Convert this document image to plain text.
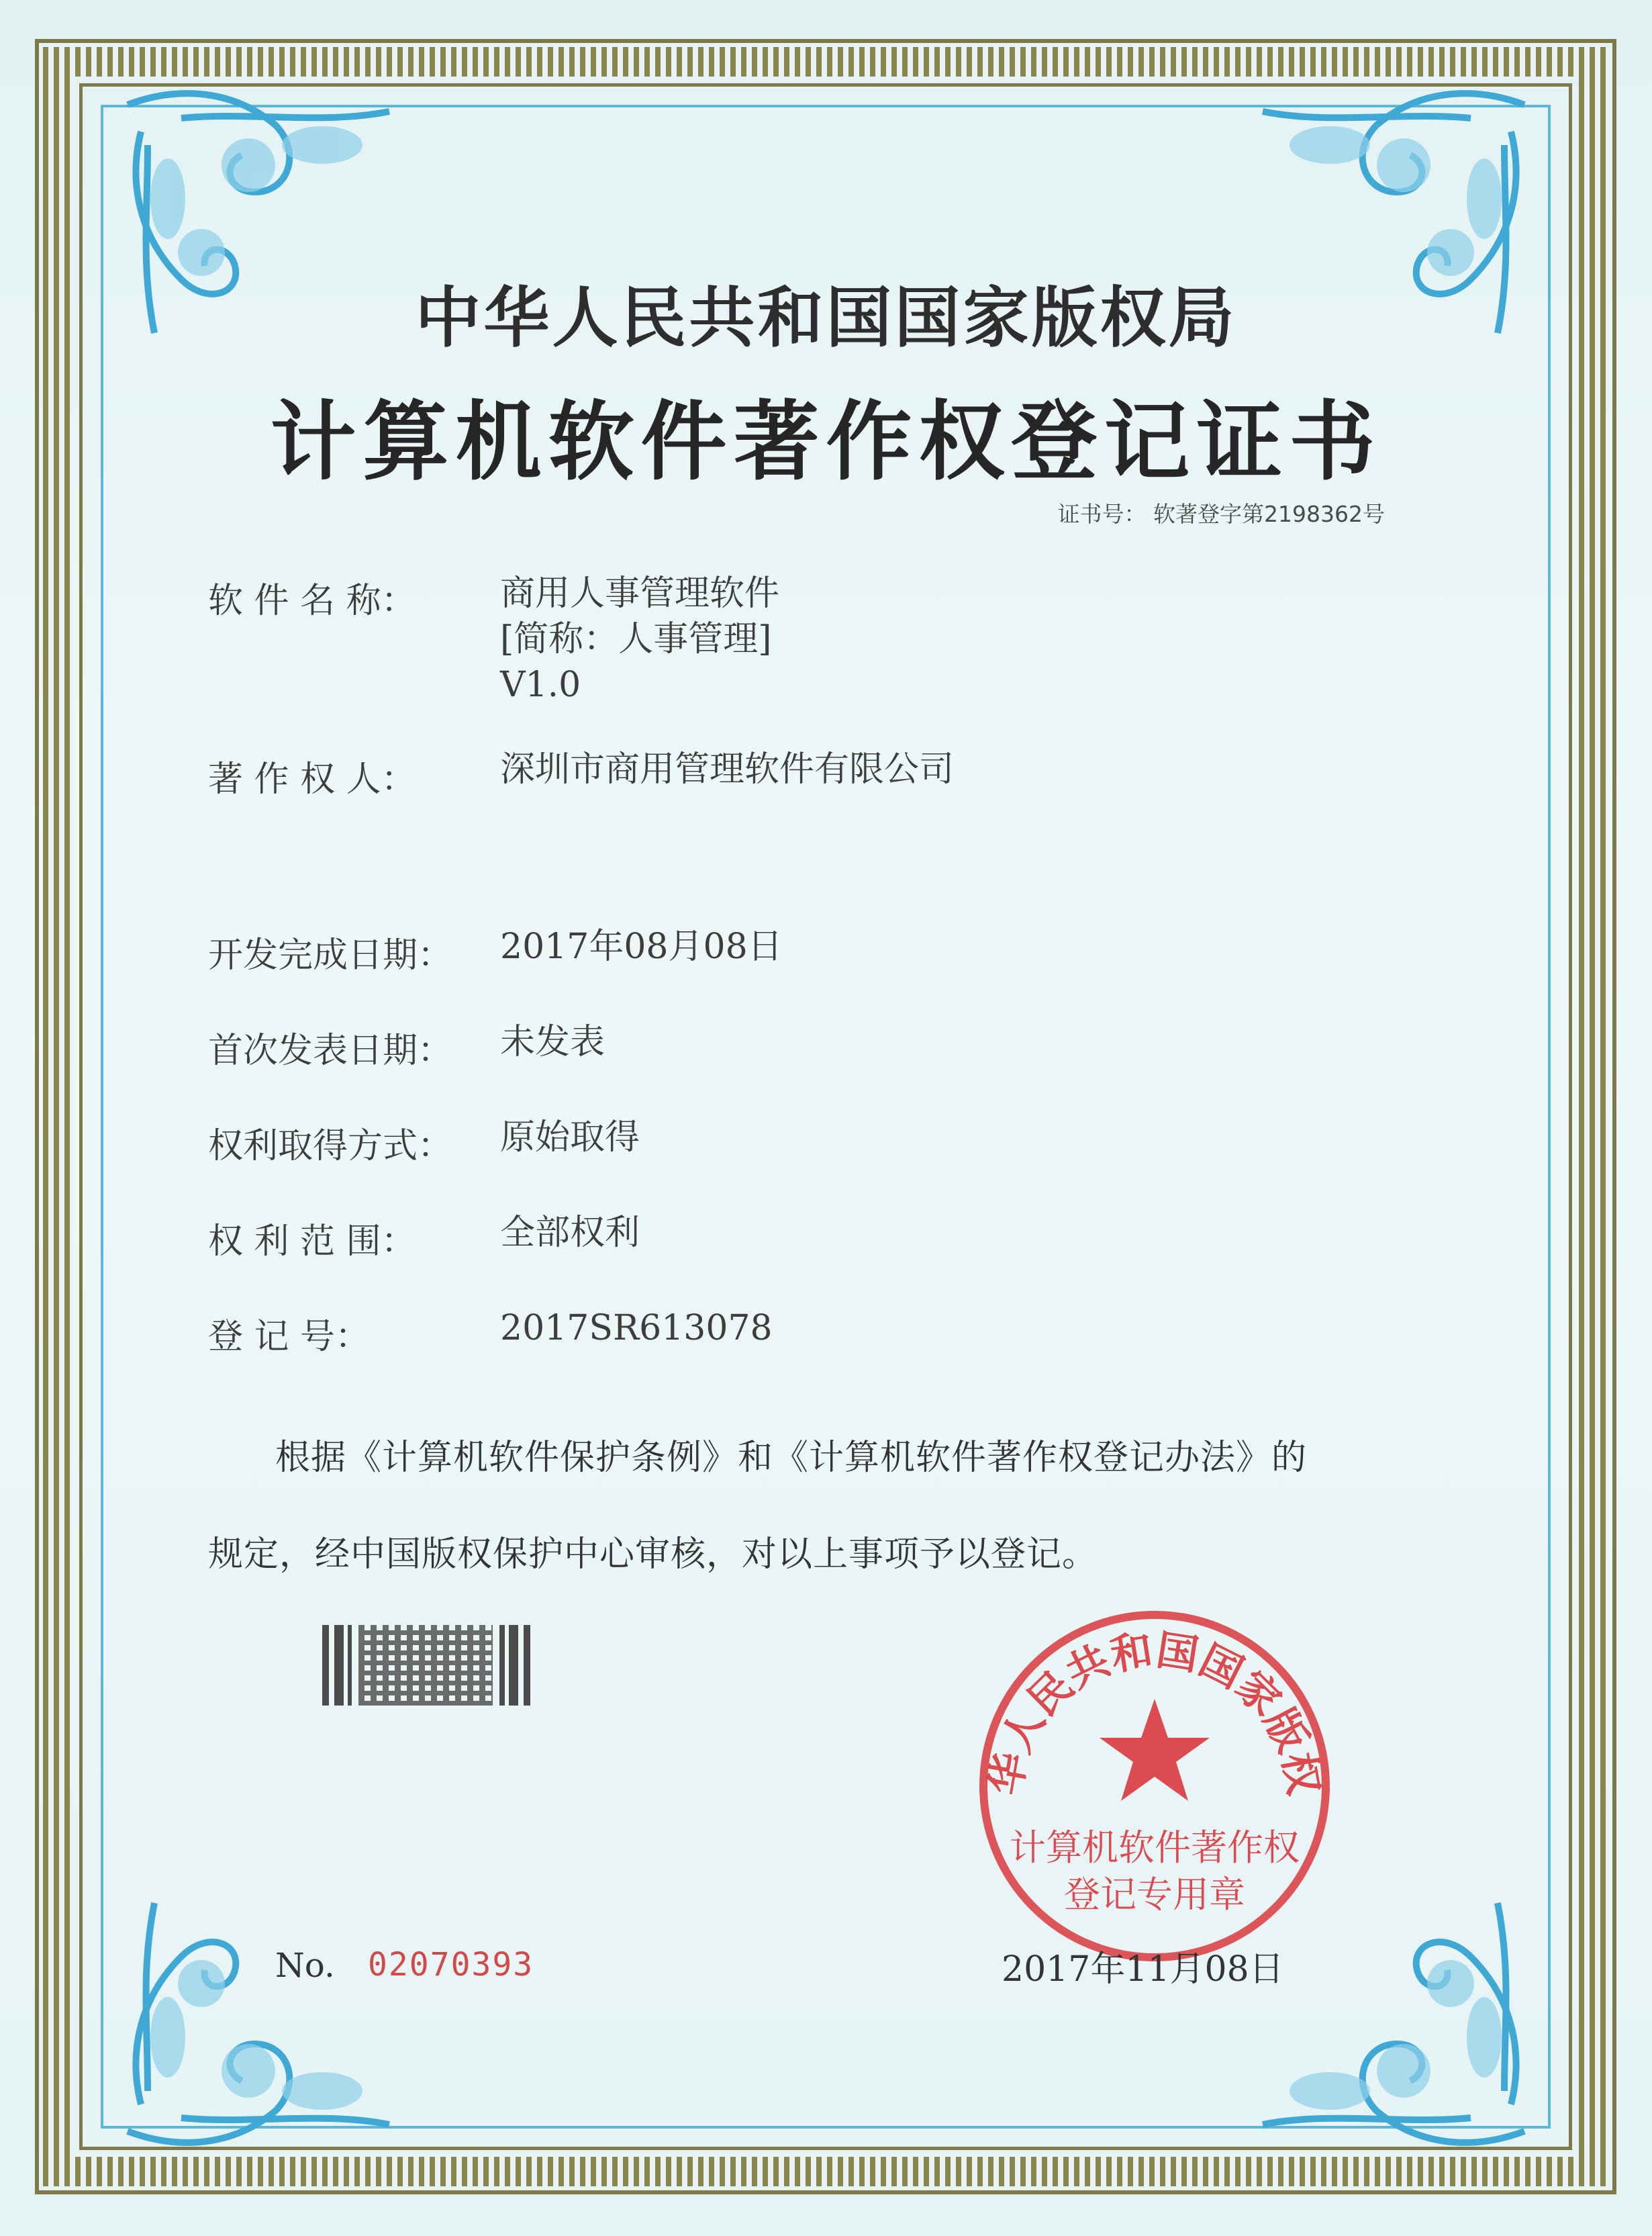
中华人民共和国国家版权局
计算机软件著作权登记证书
证书号： 软著登字第2198362号
软 件 名 称： 商用人事管理软件
[简称：人事管理]
V1.0
著 作 权 人： 深圳市商用管理软件有限公司
开发完成日期： 2017年08月08日
首次发表日期： 未发表
权利取得方式： 原始取得
权 利 范 围： 全部权利
登 记 号：	2017SR613078
根据《计算机软件保护条例》和《计算机软件著作权登记办法》的
规定，经中国版权保护中心审核，对以上事项予以登记。
华人民共和国国家版权
计算机软件著作权
登记专用章
No. 02070393	2017年11月08日
